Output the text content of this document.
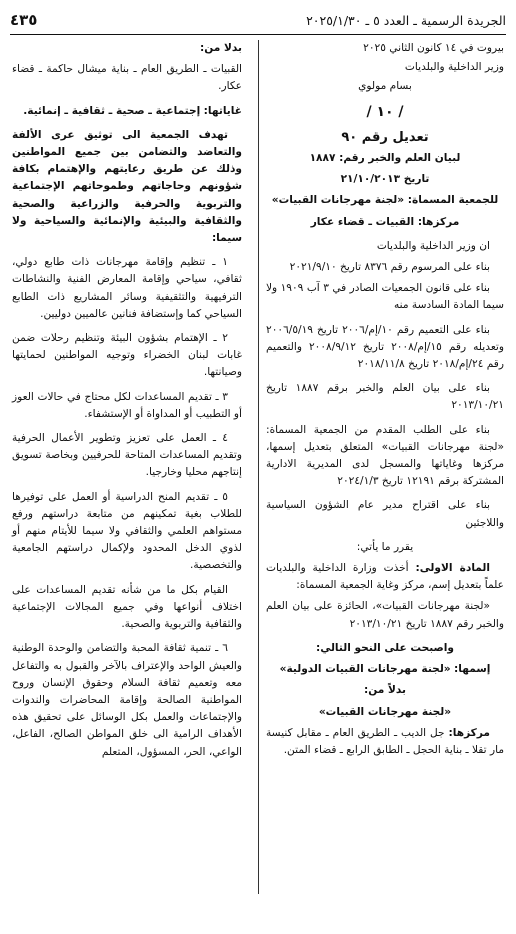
الجريدة الرسمية ـ العدد ٥ ـ ٢٠٢٥/١/٣٠
٤٣٥

بيروت في ١٤ كانون الثاني ٢٠٢٥

وزير الداخلية والبلديات

بسام مولوي

/ ١٠ /

تعديل رقم ٩٠

لبيان العلم والخبر رقم: ١٨٨٧

تاريخ ٢١/١٠/٢٠١٣

للجمعية المسماة: «لجنة مهرجانات القبيات»

مركزها: القبيات ـ قضاء عكار

ان وزير الداخلية والبلديات

بناء على المرسوم رقم ٨٣٧٦ تاريخ ٢٠٢١/٩/١٠

بناء على قانون الجمعيات الصادر في ٣ آب ١٩٠٩ ولا سيما المادة السادسة منه

بناء على التعميم رقم ١٠/إم/٢٠٠٦ تاريخ ٢٠٠٦/٥/١٩ وتعديله رقم ١٥/إم/٢٠٠٨ تاريخ ٢٠٠٨/٩/١٢ والتعميم رقم ٢٤/إم/٢٠١٨ تاريخ ٢٠١٨/١١/٨

بناء على بيان العلم والخبر برقم ١٨٨٧ تاريخ ٢٠١٣/١٠/٢١

بناء على الطلب المقدم من الجمعية المسماة: «لجنة مهرجانات القبيات» المتعلق بتعديل إسمها، مركزها وغاياتها والمسجل لدى المديرية الادارية المشتركة برقم ١٢١٩١ تاريخ ٢٠٢٤/١/٣

بناء على اقتراح مدير عام الشؤون السياسية واللاجئين

يقرر ما يأتي:

المادة الاولى: أخذت وزارة الداخلية والبلديات علماً بتعديل إسم، مركز وغاية الجمعية المسماة:

«لجنة مهرجانات القبيات»، الحائزة على بيان العلم والخبر رقم ١٨٨٧ تاريخ ٢٠١٣/١٠/٢١

واصبحت على النحو التالي:

إسمها: «لجنة مهرجانات القبيات الدولية»

بدلاً من:

«لجنة مهرجانات القبيات»

مركزها: جل الديب ـ الطريق العام ـ مقابل كنيسة مار تقلا ـ بناية الحجل ـ الطابق الرابع ـ قضاء المتن.

بدلا من:

القبيات ـ الطريق العام ـ بناية ميشال حاكمة ـ قضاء عكار.

غاياتها: إجتماعية ـ صحية ـ ثقافية ـ إنمائية.

تهدف الجمعية الى توثيق عرى الألفة والتعاضد والتضامن بين جميع المواطنين وذلك عن طريق رعايتهم والإهتمام بكافة شؤونهم وحاجاتهم وطموحاتهم الإجتماعية والتربوية والحرفية والزراعية والصحية والثقافية والبيئية والإنمائية والسياحية ولا سيما:

١ ـ تنظيم وإقامة مهرجانات ذات طابع دولي، ثقافي، سياحي وإقامة المعارض الفنية والنشاطات الترفيهية والتثقيفية وسائر المشاريع ذات الطابع السياحي كما وإستضافة فنانين عالميين دوليين.

٢ ـ الإهتمام بشؤون البيئة وتنظيم رحلات ضمن غابات لبنان الخضراء وتوجيه المواطنين لحمايتها وصيانتها.

٣ ـ تقديم المساعدات لكل محتاج في حالات العوز أو التطبيب أو المداواة أو الإستشفاء.

٤ ـ العمل على تعزيز وتطوير الأعمال الحرفية وتقديم المساعدات المتاحة للحرفيين وبخاصة تسويق إنتاجهم محليا وخارجيا.

٥ ـ تقديم المنح الدراسية أو العمل على توفيرها للطلاب بغية تمكينهم من متابعة دراستهم ورفع مستواهم العلمي والثقافي ولا سيما للأيتام منهم أو لذوي الدخل المحدود ولإكمال دراستهم الجامعية والتخصصية.

القيام بكل ما من شأنه تقديم المساعدات على اختلاف أنواعها وفي جميع المجالات الإجتماعية والثقافية والتربوية والصحية.

٦ ـ تنمية ثقافة المحبة والتضامن والوحدة الوطنية والعيش الواحد والإعتراف بالآخر والقبول به والتفاعل معه وتعميم ثقافة السلام وحقوق الإنسان وروح المواطنية الصالحة وإقامة المحاضرات والندوات والإجتماعات والعمل بكل الوسائل على تحقيق هذه الأهداف الرامية الى خلق المواطن الصالح، الفاعل، الواعي، الحر، المسؤول، المتعلم
